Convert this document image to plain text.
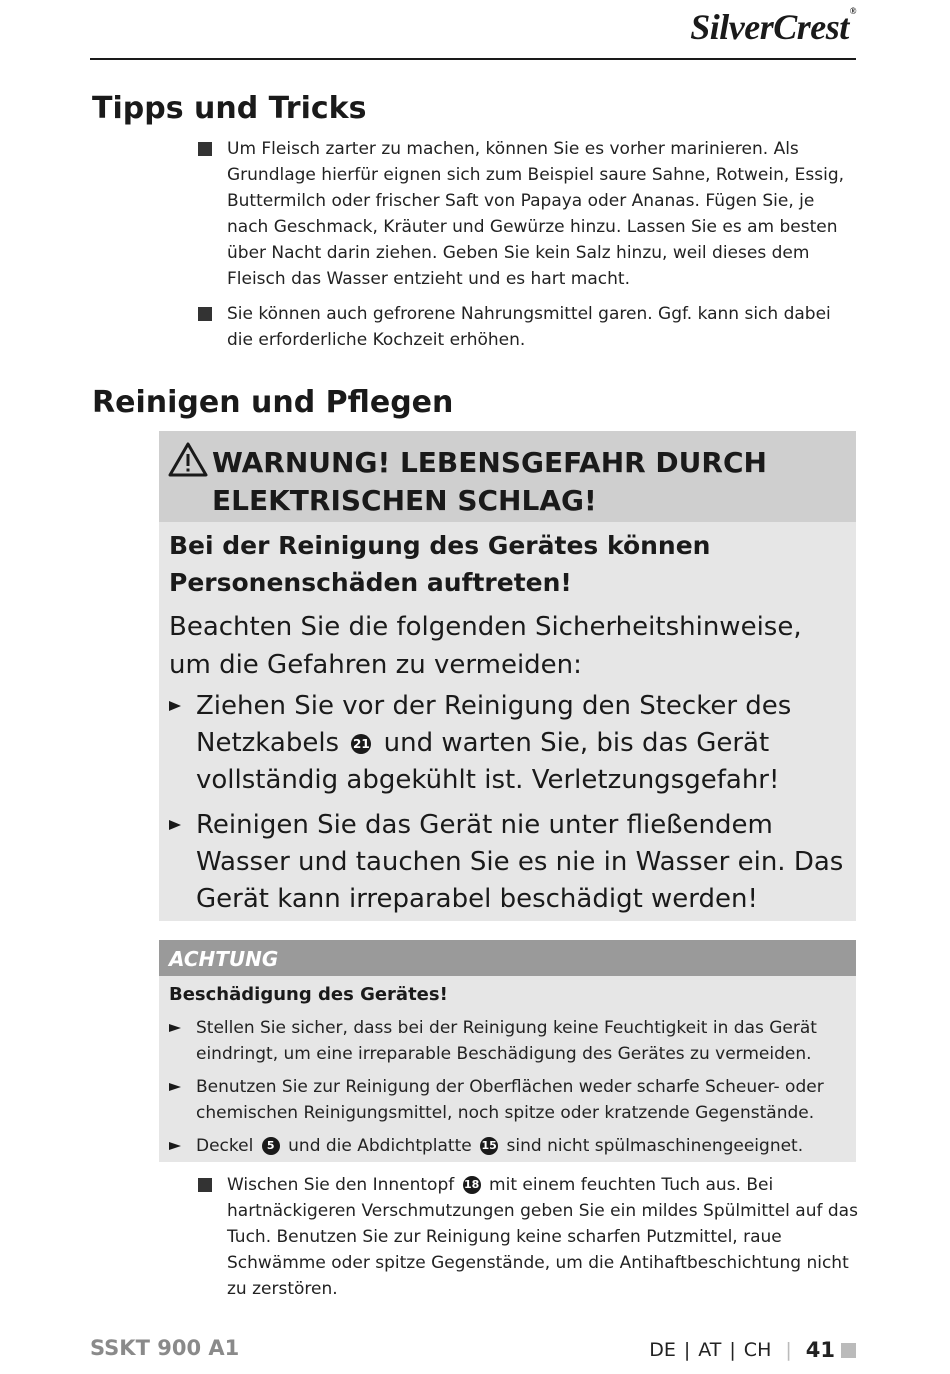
SilverCrest®
Tipps und Tricks
Um Fleisch zarter zu machen, können Sie es vorher marinieren. Als Grundlage hierfür eignen sich zum Beispiel saure Sahne, Rotwein, Essig, Buttermilch oder frischer Saft von Papaya oder Ananas. Fügen Sie, je nach Geschmack, Kräuter und Gewürze hinzu. Lassen Sie es am besten über Nacht darin ziehen. Geben Sie kein Salz hinzu, weil dieses dem Fleisch das Wasser entzieht und es hart macht.
Sie können auch gefrorene Nahrungsmittel garen. Ggf. kann sich dabei die erforderliche Kochzeit erhöhen.
Reinigen und Pflegen
WARNUNG! LEBENSGEFAHR DURCH
ELEKTRISCHEN SCHLAG!
Bei der Reinigung des Gerätes können Personenschäden auftreten!
Beachten Sie die folgenden Sicherheitshinweise, um die Gefahren zu vermeiden:
Ziehen Sie vor der Reinigung den Stecker des Netzkabels 21 und warten Sie, bis das Gerät vollständig abgekühlt ist. Verletzungsgefahr!
Reinigen Sie das Gerät nie unter fließendem Wasser und tauchen Sie es nie in Wasser ein. Das Gerät kann irreparabel beschädigt werden!
ACHTUNG
Beschädigung des Gerätes!
Stellen Sie sicher, dass bei der Reinigung keine Feuchtigkeit in das Gerät eindringt, um eine irreparable Beschädigung des Gerätes zu vermeiden.
Benutzen Sie zur Reinigung der Oberflächen weder scharfe Scheuer- oder chemischen Reinigungsmittel, noch spitze oder kratzende Gegenstände.
Deckel 5 und die Abdichtplatte 15 sind nicht spülmaschinengeeignet.
Wischen Sie den Innentopf 18 mit einem feuchten Tuch aus. Bei hartnäckigeren Verschmutzungen geben Sie ein mildes Spülmittel auf das Tuch. Benutzen Sie zur Reinigung keine scharfen Putzmittel, raue Schwämme oder spitze Gegenstände, um die Antihaftbeschichtung nicht zu zerstören.
SSKT 900 A1	DE | AT | CH | 41
